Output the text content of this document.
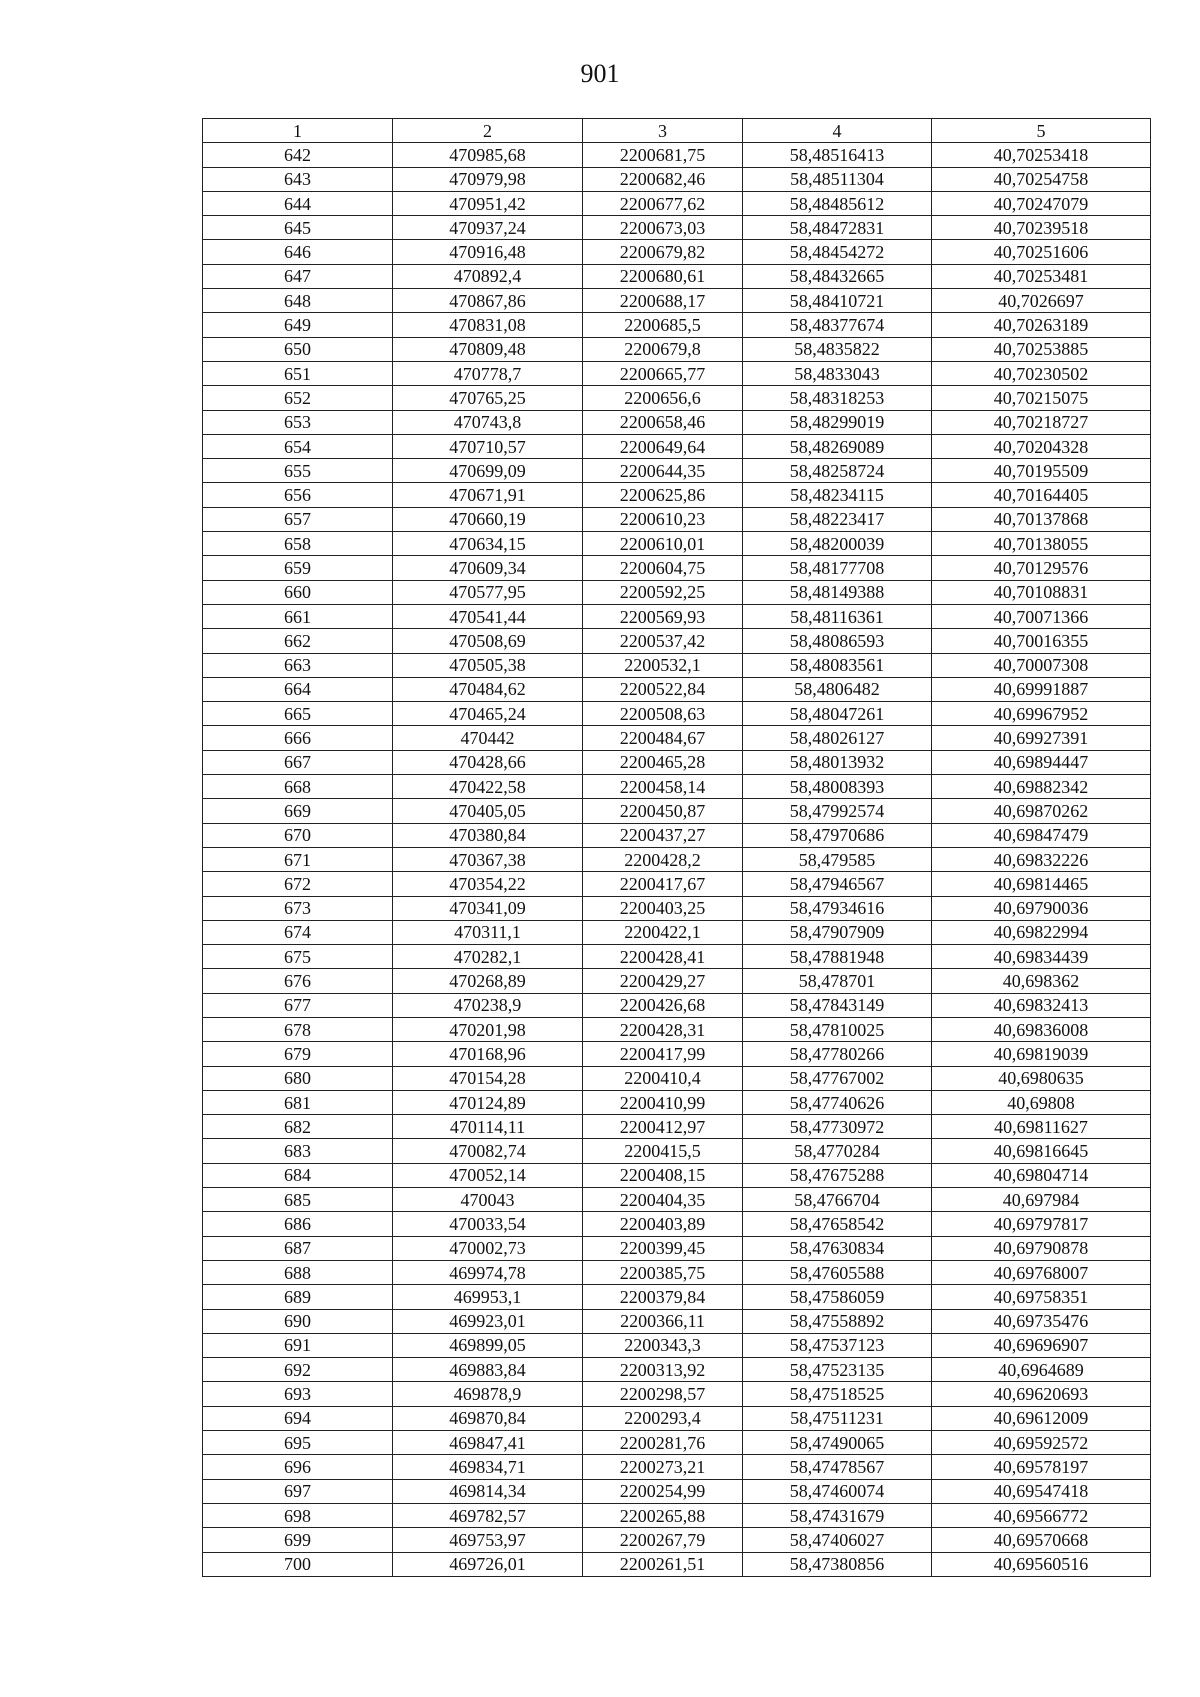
901
1	2	3	4	5
642	470985,68	2200681,75	58,48516413	40,70253418
643	470979,98	2200682,46	58,48511304	40,70254758
644	470951,42	2200677,62	58,48485612	40,70247079
645	470937,24	2200673,03	58,48472831	40,70239518
646	470916,48	2200679,82	58,48454272	40,70251606
647	470892,4	2200680,61	58,48432665	40,70253481
648	470867,86	2200688,17	58,48410721	40,7026697
649	470831,08	2200685,5	58,48377674	40,70263189
650	470809,48	2200679,8	58,4835822	40,70253885
651	470778,7	2200665,77	58,4833043	40,70230502
652	470765,25	2200656,6	58,48318253	40,70215075
653	470743,8	2200658,46	58,48299019	40,70218727
654	470710,57	2200649,64	58,48269089	40,70204328
655	470699,09	2200644,35	58,48258724	40,70195509
656	470671,91	2200625,86	58,48234115	40,70164405
657	470660,19	2200610,23	58,48223417	40,70137868
658	470634,15	2200610,01	58,48200039	40,70138055
659	470609,34	2200604,75	58,48177708	40,70129576
660	470577,95	2200592,25	58,48149388	40,70108831
661	470541,44	2200569,93	58,48116361	40,70071366
662	470508,69	2200537,42	58,48086593	40,70016355
663	470505,38	2200532,1	58,48083561	40,70007308
664	470484,62	2200522,84	58,4806482	40,69991887
665	470465,24	2200508,63	58,48047261	40,69967952
666	470442	2200484,67	58,48026127	40,69927391
667	470428,66	2200465,28	58,48013932	40,69894447
668	470422,58	2200458,14	58,48008393	40,69882342
669	470405,05	2200450,87	58,47992574	40,69870262
670	470380,84	2200437,27	58,47970686	40,69847479
671	470367,38	2200428,2	58,479585	40,69832226
672	470354,22	2200417,67	58,47946567	40,69814465
673	470341,09	2200403,25	58,47934616	40,69790036
674	470311,1	2200422,1	58,47907909	40,69822994
675	470282,1	2200428,41	58,47881948	40,69834439
676	470268,89	2200429,27	58,478701	40,698362
677	470238,9	2200426,68	58,47843149	40,69832413
678	470201,98	2200428,31	58,47810025	40,69836008
679	470168,96	2200417,99	58,47780266	40,69819039
680	470154,28	2200410,4	58,47767002	40,6980635
681	470124,89	2200410,99	58,47740626	40,69808
682	470114,11	2200412,97	58,47730972	40,69811627
683	470082,74	2200415,5	58,4770284	40,69816645
684	470052,14	2200408,15	58,47675288	40,69804714
685	470043	2200404,35	58,4766704	40,697984
686	470033,54	2200403,89	58,47658542	40,69797817
687	470002,73	2200399,45	58,47630834	40,69790878
688	469974,78	2200385,75	58,47605588	40,69768007
689	469953,1	2200379,84	58,47586059	40,69758351
690	469923,01	2200366,11	58,47558892	40,69735476
691	469899,05	2200343,3	58,47537123	40,69696907
692	469883,84	2200313,92	58,47523135	40,6964689
693	469878,9	2200298,57	58,47518525	40,69620693
694	469870,84	2200293,4	58,47511231	40,69612009
695	469847,41	2200281,76	58,47490065	40,69592572
696	469834,71	2200273,21	58,47478567	40,69578197
697	469814,34	2200254,99	58,47460074	40,69547418
698	469782,57	2200265,88	58,47431679	40,69566772
699	469753,97	2200267,79	58,47406027	40,69570668
700	469726,01	2200261,51	58,47380856	40,69560516
